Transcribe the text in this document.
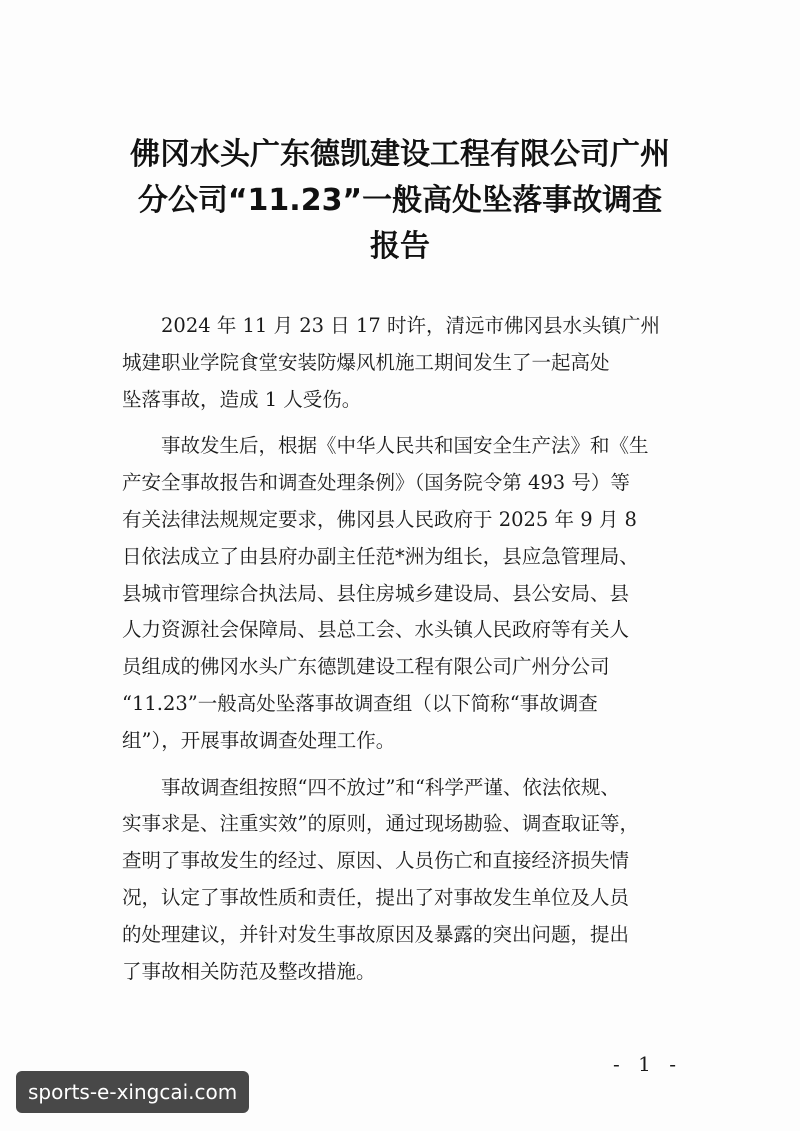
佛冈水头广东德凯建设工程有限公司广州
分公司“11.23”一般高处坠落事故调查
报告
2024 年 11 月 23 日 17 时许，清远市佛冈县水头镇广州
城建职业学院食堂安装防爆风机施工期间发生了一起高处
坠落事故，造成 1 人受伤。
事故发生后，根据《中华人民共和国安全生产法》和《生
产安全事故报告和调查处理条例》（国务院令第 493 号）等
有关法律法规规定要求，佛冈县人民政府于 2025 年 9 月 8
日依法成立了由县府办副主任范*洲为组长，县应急管理局、
县城市管理综合执法局、县住房城乡建设局、县公安局、县
人力资源社会保障局、县总工会、水头镇人民政府等有关人
员组成的佛冈水头广东德凯建设工程有限公司广州分公司
“11.23”一般高处坠落事故调查组（以下简称“事故调查
组”），开展事故调查处理工作。
事故调查组按照“四不放过”和“科学严谨、依法依规、
实事求是、注重实效”的原则，通过现场勘验、调查取证等，
查明了事故发生的经过、原因、人员伤亡和直接经济损失情
况，认定了事故性质和责任，提出了对事故发生单位及人员
的处理建议，并针对发生事故原因及暴露的突出问题，提出
了事故相关防范及整改措施。
- 1 -
sports-e-xingcai.com
